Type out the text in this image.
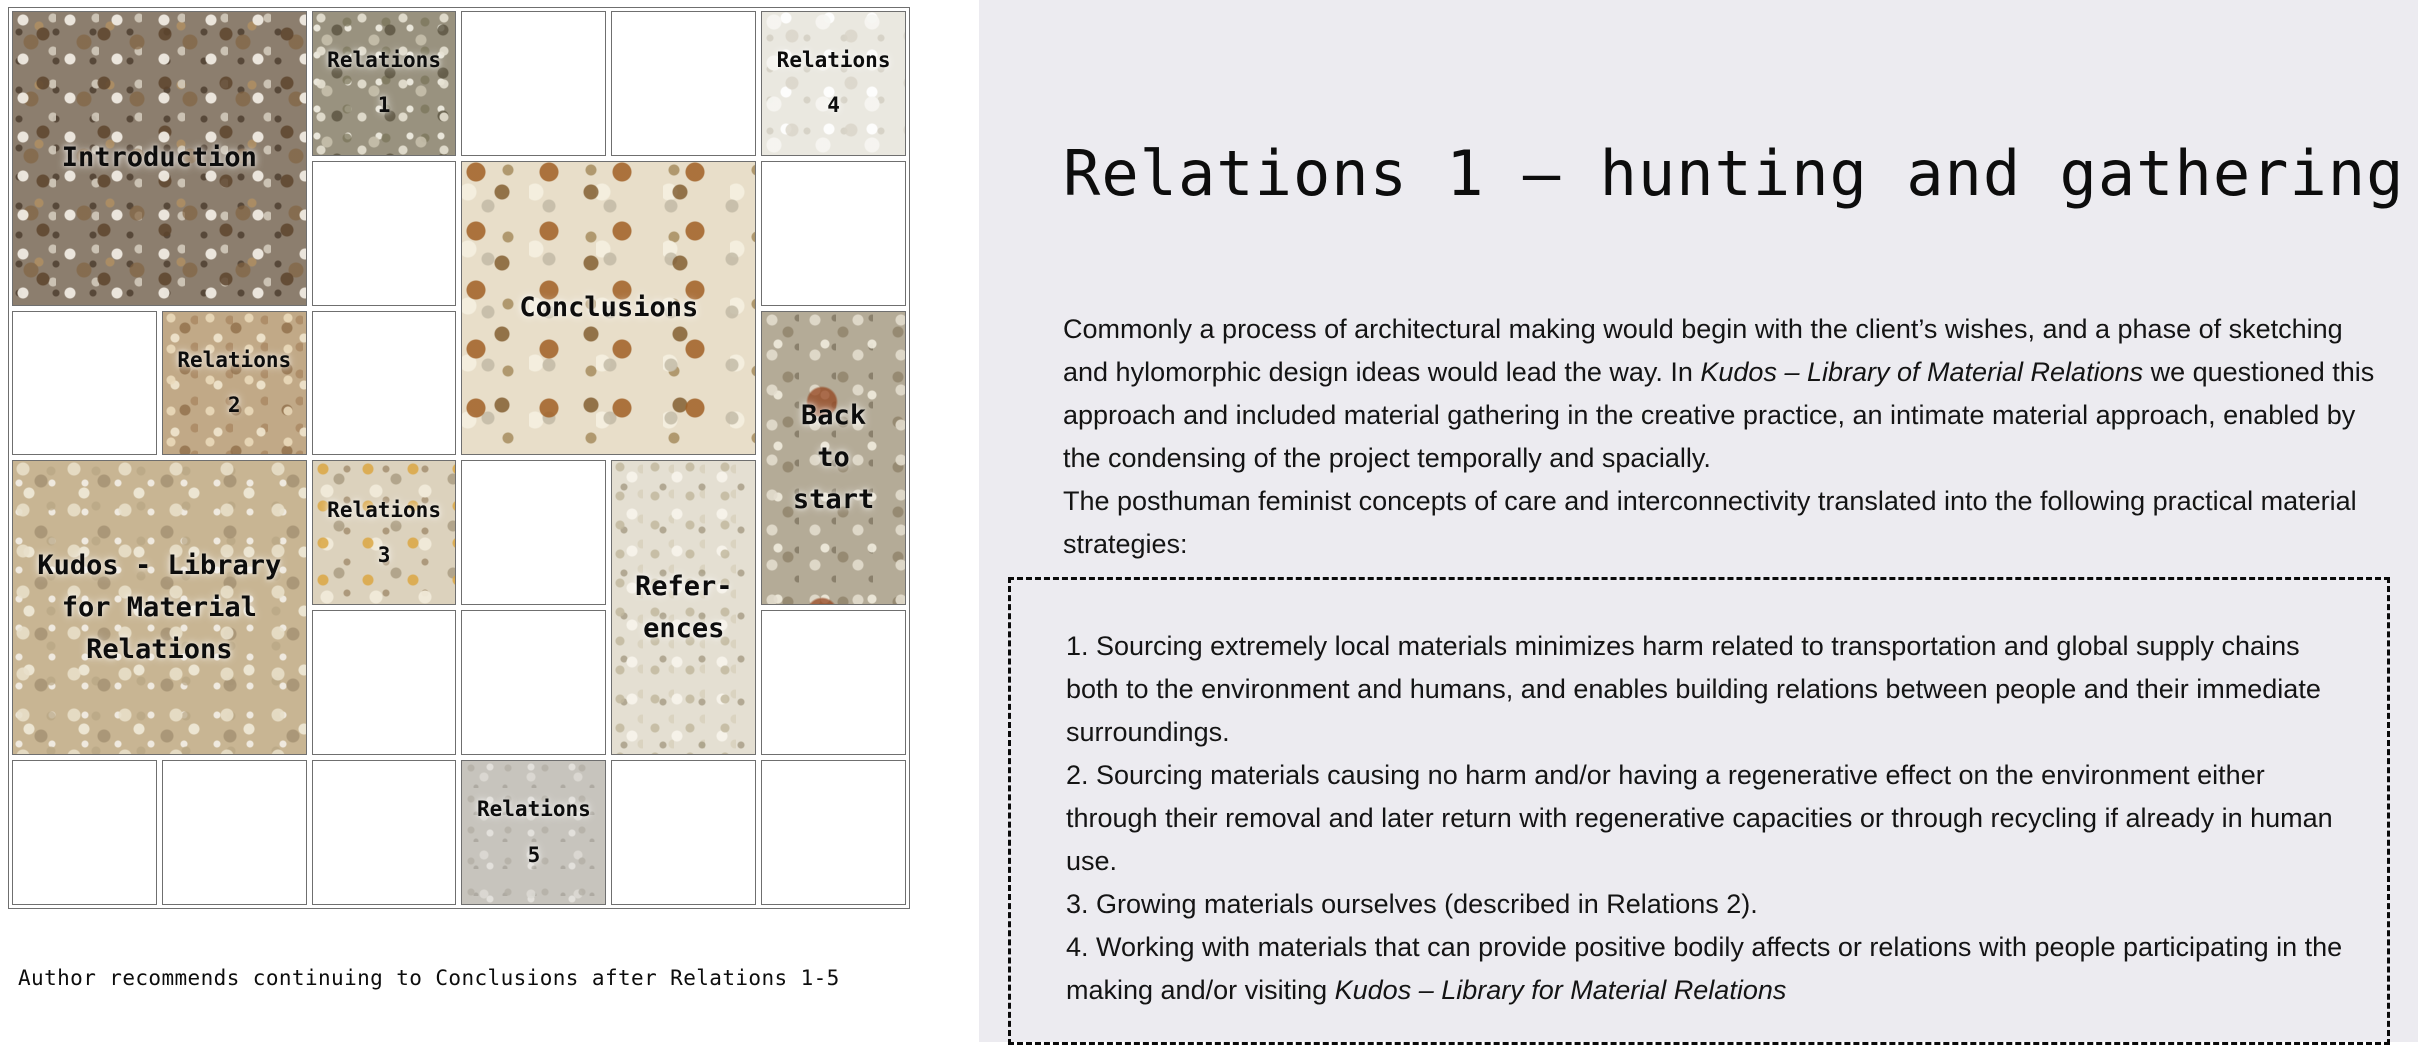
Introduction
Relations
1
Relations
4
Conclusions
Relations
2	Back
to
start
Kudos - Library
for Material
Relations
Relations
3
Refer-
ences
Relations
5
Author recommends continuing to Conclusions after Relations 1-5
Relations 1 — hunting and gathering

Commonly a process of architectural making would begin with the client’s wishes, and a phase of sketching and hylomorphic design ideas would lead the way. In Kudos – Library of Material Relations we questioned this approach and included material gathering in the creative practice, an intimate material approach, enabled by the condensing of the project temporally and spacially.

The posthuman feminist concepts of care and interconnectivity translated into the following practical material strategies:

1. Sourcing extremely local materials minimizes harm related to transportation and global supply chains both to the environment and humans, and enables building relations between people and their immediate surroundings.

2. Sourcing materials causing no harm and/or having a regenerative effect on the environment either through their removal and later return with regenerative capacities or through recycling if already in human use.

3. Growing materials ourselves (described in Relations 2).

4. Working with materials that can provide positive bodily affects or relations with people participating in the making and/or visiting Kudos – Library for Material Relations
